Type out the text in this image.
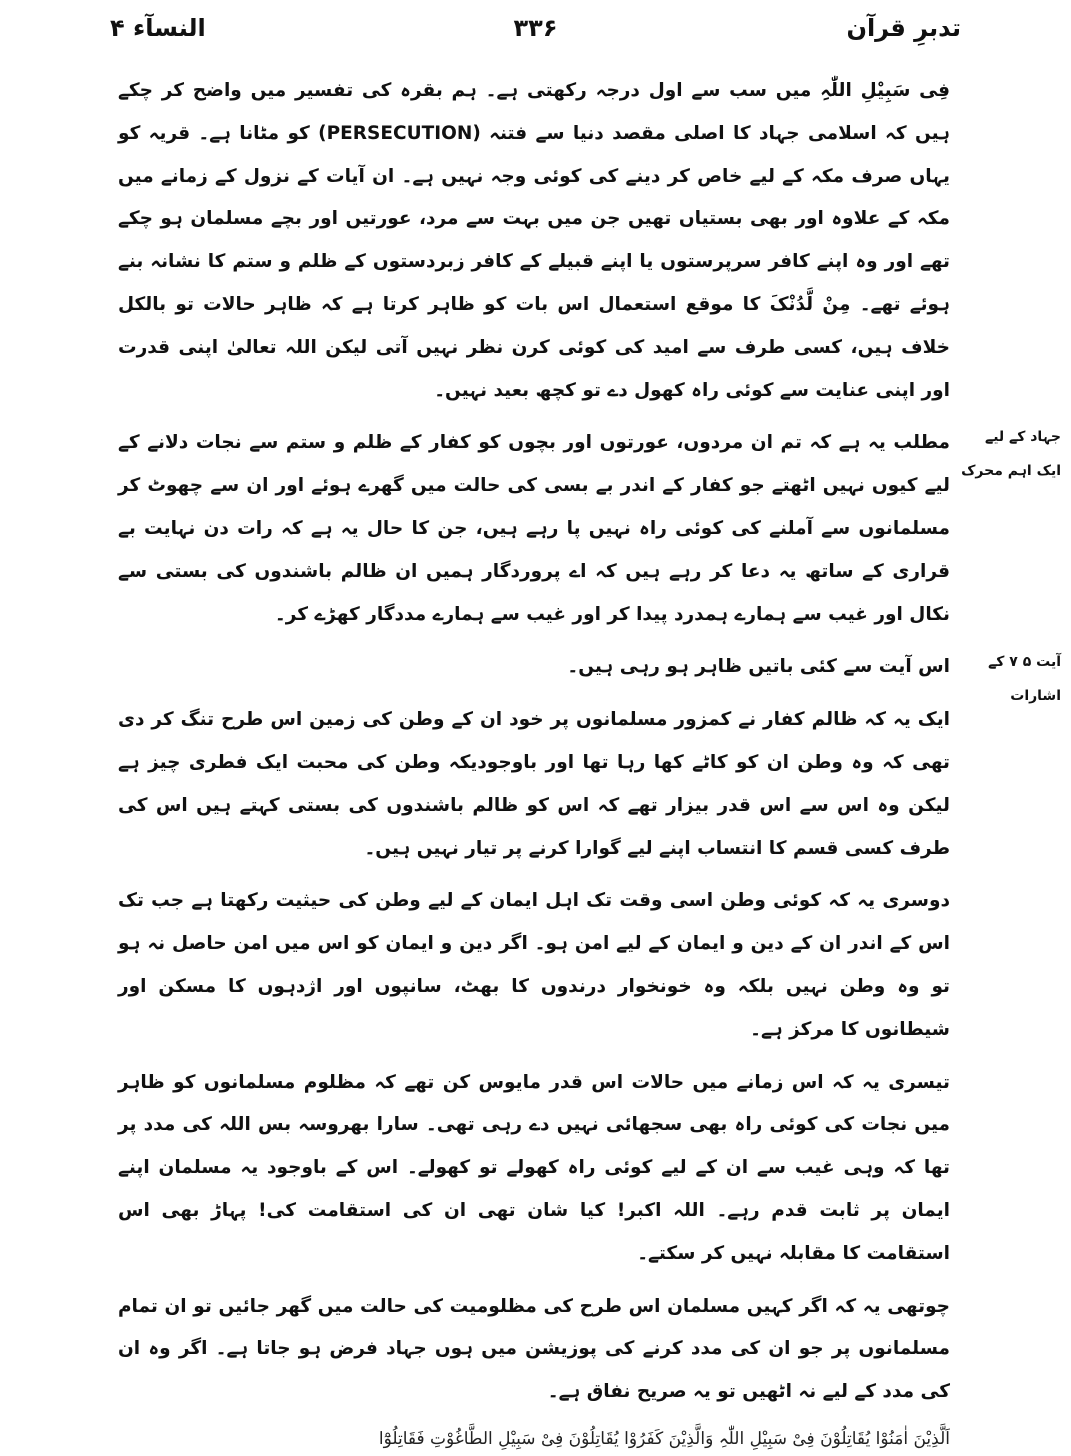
تدبرِ قرآن
۳۳۶
النسآء ۴
جہاد کے لیے ایک اہم محرک
آیت ۵ ۷ کے اشارات

فِی سَبِیْلِ اللّٰہِ میں سب سے اول درجہ رکھتی ہے۔ ہم بقرہ کی تفسیر میں واضح کر چکے ہیں کہ اسلامی جہاد کا اصلی مقصد دنیا سے فتنہ (PERSECUTION) کو مٹانا ہے۔ قریہ کو یہاں صرف مکہ کے لیے خاص کر دینے کی کوئی وجہ نہیں ہے۔ ان آیات کے نزول کے زمانے میں مکہ کے علاوہ اور بھی بستیاں تھیں جن میں بہت سے مرد، عورتیں اور بچے مسلمان ہو چکے تھے اور وہ اپنے کافر سرپرستوں یا اپنے قبیلے کے کافر زبردستوں کے ظلم و ستم کا نشانہ بنے ہوئے تھے۔ مِنْ لَّدُنْکَ کا موقع استعمال اس بات کو ظاہر کرتا ہے کہ ظاہر حالات تو بالکل خلاف ہیں، کسی طرف سے امید کی کوئی کرن نظر نہیں آتی لیکن اللہ تعالیٰ اپنی قدرت اور اپنی عنایت سے کوئی راہ کھول دے تو کچھ بعید نہیں۔

مطلب یہ ہے کہ تم ان مردوں، عورتوں اور بچوں کو کفار کے ظلم و ستم سے نجات دلانے کے لیے کیوں نہیں اٹھتے جو کفار کے اندر بے بسی کی حالت میں گھرے ہوئے اور ان سے چھوٹ کر مسلمانوں سے آملنے کی کوئی راہ نہیں پا رہے ہیں، جن کا حال یہ ہے کہ رات دن نہایت بے قراری کے ساتھ یہ دعا کر رہے ہیں کہ اے پروردگار ہمیں ان ظالم باشندوں کی بستی سے نکال اور غیب سے ہمارے ہمدرد پیدا کر اور غیب سے ہمارے مددگار کھڑے کر۔

اس آیت سے کئی باتیں ظاہر ہو رہی ہیں۔

ایک یہ کہ ظالم کفار نے کمزور مسلمانوں پر خود ان کے وطن کی زمین اس طرح تنگ کر دی تھی کہ وہ وطن ان کو کاٹے کھا رہا تھا اور باوجودیکہ وطن کی محبت ایک فطری چیز ہے لیکن وہ اس سے اس قدر بیزار تھے کہ اس کو ظالم باشندوں کی بستی کہتے ہیں اس کی طرف کسی قسم کا انتساب اپنے لیے گوارا کرنے پر تیار نہیں ہیں۔

دوسری یہ کہ کوئی وطن اسی وقت تک اہل ایمان کے لیے وطن کی حیثیت رکھتا ہے جب تک اس کے اندر ان کے دین و ایمان کے لیے امن ہو۔ اگر دین و ایمان کو اس میں امن حاصل نہ ہو تو وہ وطن نہیں بلکہ وہ خونخوار درندوں کا بھٹ، سانپوں اور اژدہوں کا مسکن اور شیطانوں کا مرکز ہے۔

تیسری یہ کہ اس زمانے میں حالات اس قدر مایوس کن تھے کہ مظلوم مسلمانوں کو ظاہر میں نجات کی کوئی راہ بھی سجھائی نہیں دے رہی تھی۔ سارا بھروسہ بس اللہ کی مدد پر تھا کہ وہی غیب سے ان کے لیے کوئی راہ کھولے تو کھولے۔ اس کے باوجود یہ مسلمان اپنے ایمان پر ثابت قدم رہے۔ اللہ اکبر! کیا شان تھی ان کی استقامت کی! پہاڑ بھی اس استقامت کا مقابلہ نہیں کر سکتے۔

چوتھی یہ کہ اگر کہیں مسلمان اس طرح کی مظلومیت کی حالت میں گھر جائیں تو ان تمام مسلمانوں پر جو ان کی مدد کرنے کی پوزیشن میں ہوں جہاد فرض ہو جاتا ہے۔ اگر وہ ان کی مدد کے لیے نہ اٹھیں تو یہ صریح نفاق ہے۔

اَلَّذِیْنَ اٰمَنُوْا یُقَاتِلُوْنَ فِیْ سَبِیْلِ اللّٰہِ وَالَّذِیْنَ کَفَرُوْا یُقَاتِلُوْنَ فِیْ سَبِیْلِ الطَّاغُوْتِ فَقَاتِلُوْٓا
